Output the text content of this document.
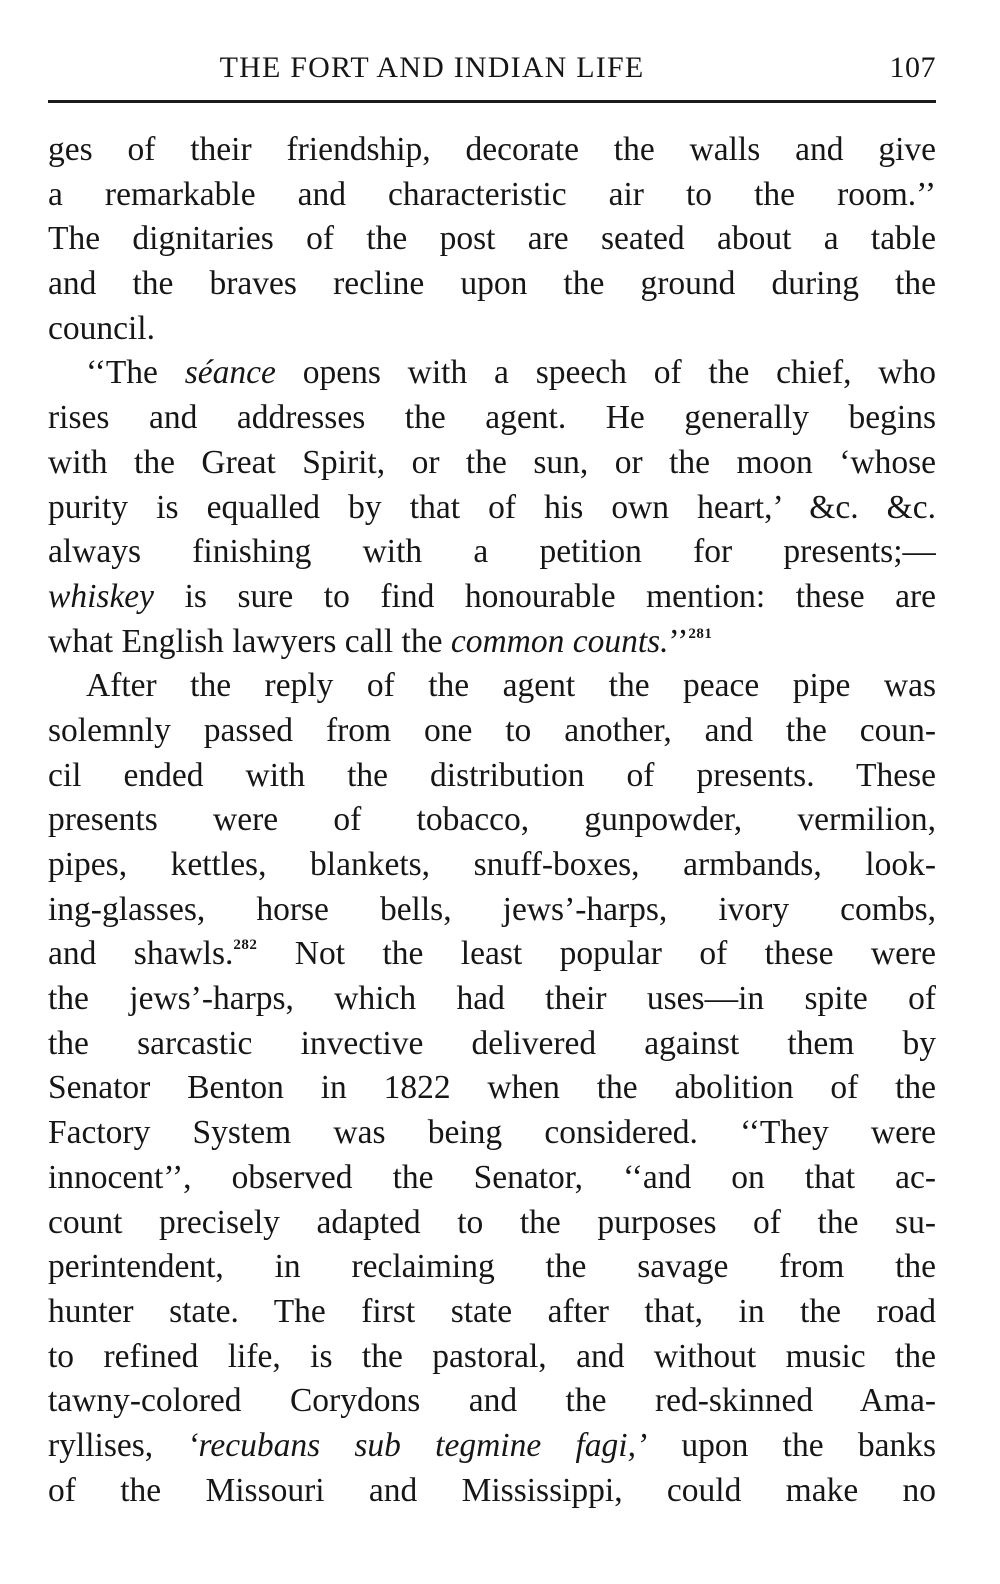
THE FORT AND INDIAN LIFE	107
ges of their friendship, decorate the walls and give
a remarkable and characteristic air to the room.’’
The dignitaries of the post are seated about a table
and the braves recline upon the ground during the
council.
‘‘The séance opens with a speech of the chief, who
rises and addresses the agent. He generally begins
with the Great Spirit, or the sun, or the moon ‘whose
purity is equalled by that of his own heart,’ &c. &c.
always finishing with a petition for presents;—
whiskey is sure to find honourable mention: these are
what English lawyers call the common counts.’’$^{281}$
After the reply of the agent the peace pipe was
solemnly passed from one to another, and the coun-
cil ended with the distribution of presents. These
presents were of tobacco, gunpowder, vermilion,
pipes, kettles, blankets, snuff-boxes, armbands, look-
ing-glasses, horse bells, jews’-harps, ivory combs,
and shawls.$^{282}$ Not the least popular of these were
the jews’-harps, which had their uses—in spite of
the sarcastic invective delivered against them by
Senator Benton in 1822 when the abolition of the
Factory System was being considered. ‘‘They were
innocent’’, observed the Senator, ‘‘and on that ac-
count precisely adapted to the purposes of the su-
perintendent, in reclaiming the savage from the
hunter state. The first state after that, in the road
to refined life, is the pastoral, and without music the
tawny-colored Corydons and the red-skinned Ama-
ryllises, ‘recubans sub tegmine fagi,’ upon the banks
of the Missouri and Mississippi, could make no
